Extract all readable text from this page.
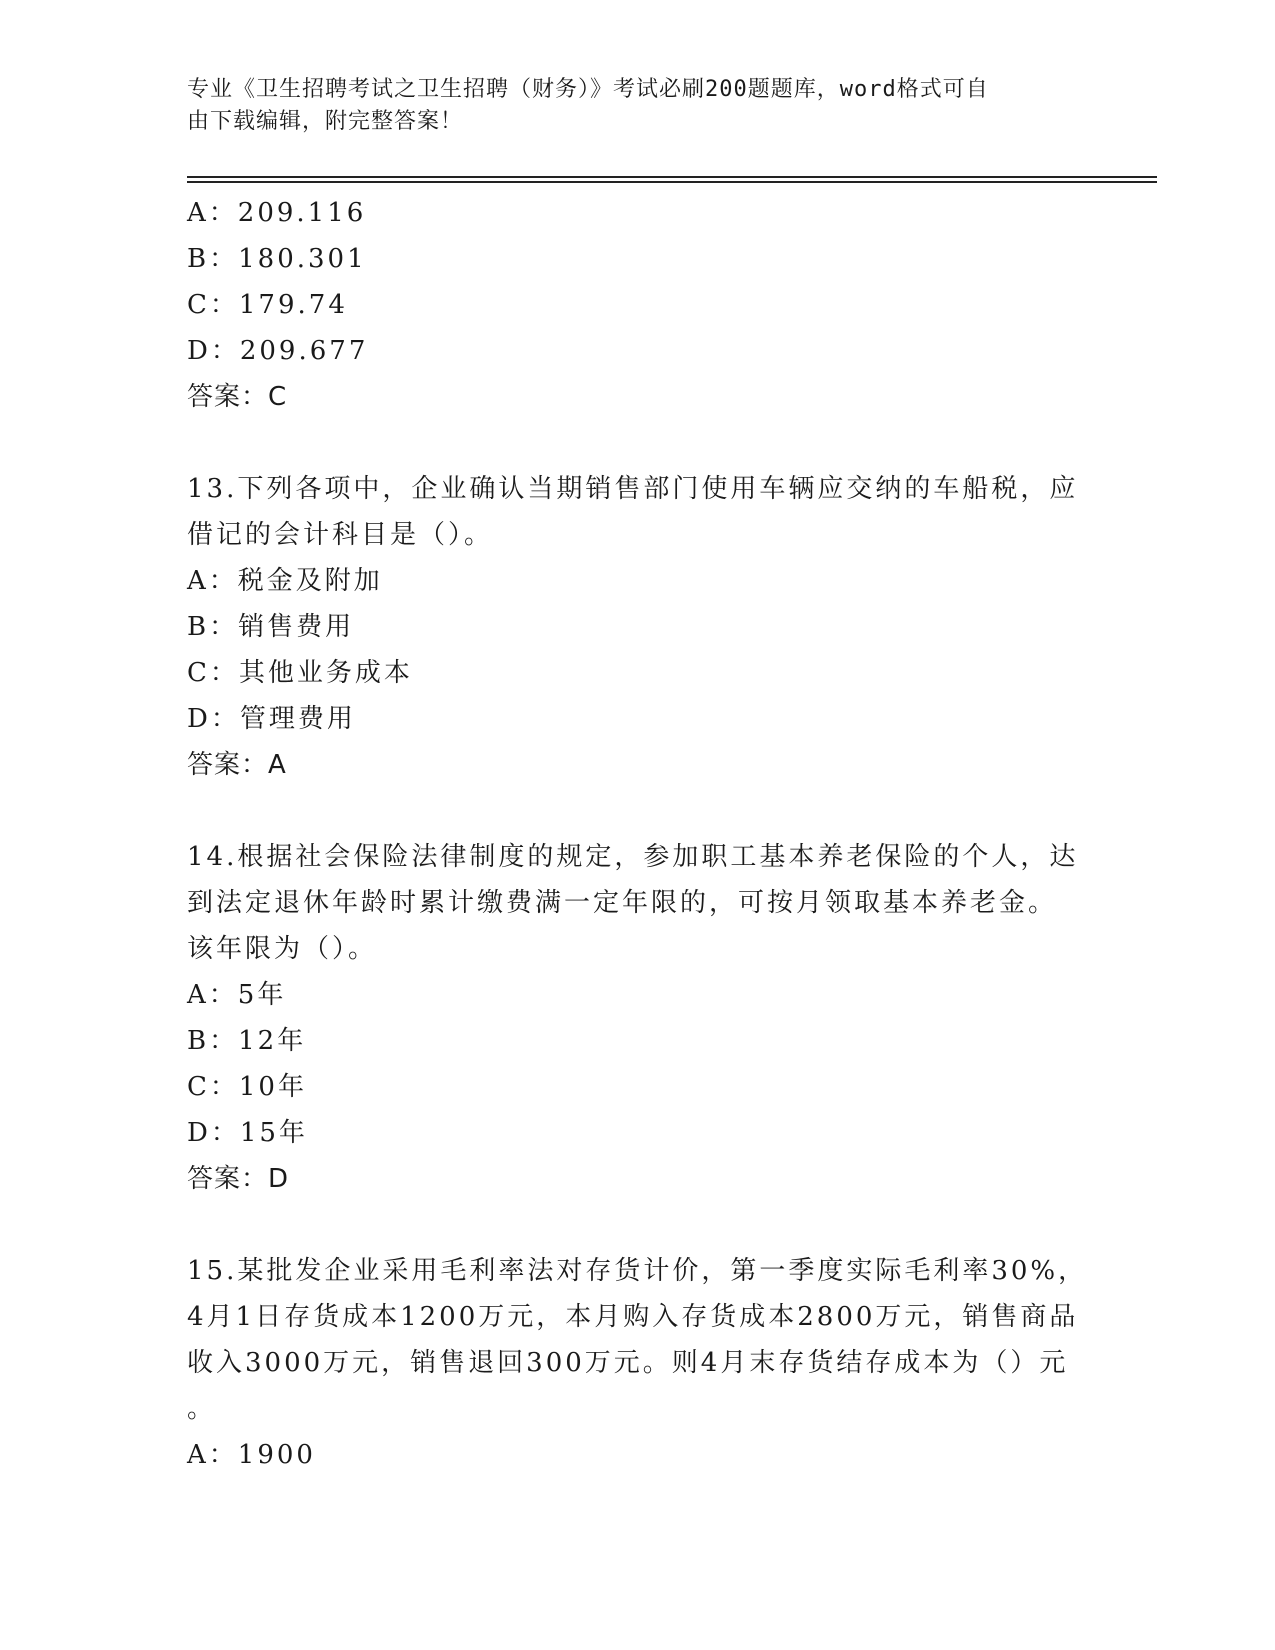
专业《卫生招聘考试之卫生招聘（财务）》考试必刷200题题库，word格式可自
由下载编辑，附完整答案！
A：209.116
B：180.301
C：179.74
D：209.677
答案：C
13.下列各项中，企业确认当期销售部门使用车辆应交纳的车船税，应
借记的会计科目是（）。
A：税金及附加
B：销售费用
C：其他业务成本
D：管理费用
答案：A
14.根据社会保险法律制度的规定，参加职工基本养老保险的个人，达
到法定退休年龄时累计缴费满一定年限的，可按月领取基本养老金。
该年限为（）。
A：5年
B：12年
C：10年
D：15年
答案：D
15.某批发企业采用毛利率法对存货计价，第一季度实际毛利率30%，
4月1日存货成本1200万元，本月购入存货成本2800万元，销售商品
收入3000万元，销售退回300万元。则4月末存货结存成本为（）元
。
A：1900
